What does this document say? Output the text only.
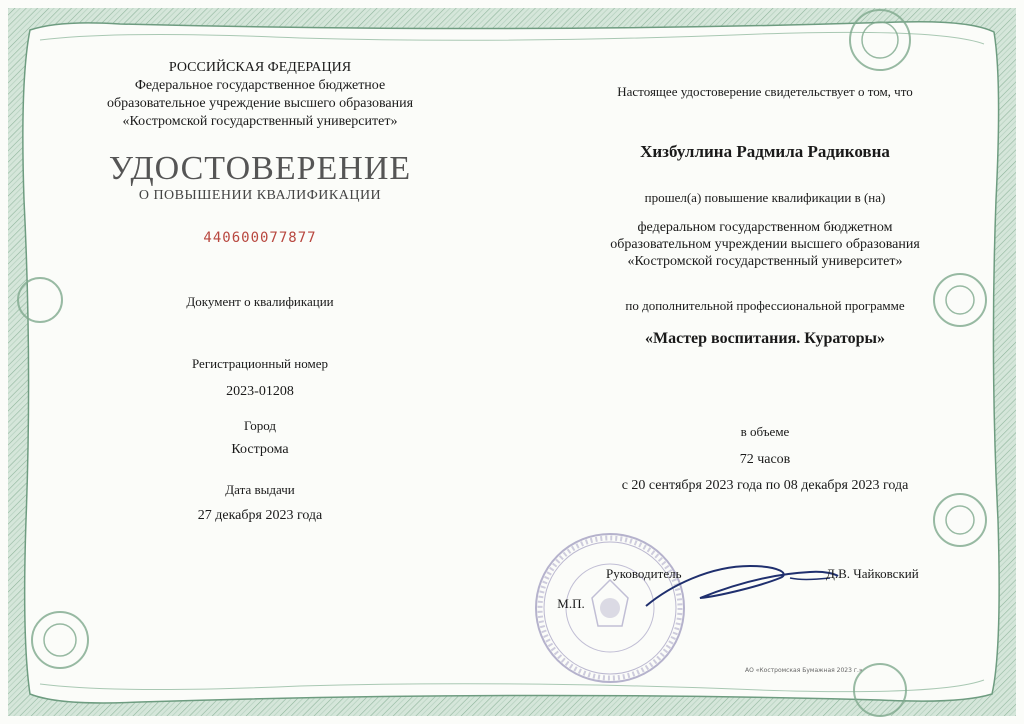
РОССИЙСКАЯ ФЕДЕРАЦИЯ
Федеральное государственное бюджетное
образовательное учреждение высшего образования
«Костромской государственный университет»
УДОСТОВЕРЕНИЕ
О ПОВЫШЕНИИ КВАЛИФИКАЦИИ
440600077877
Документ о квалификации
Регистрационный номер
2023-01208
Город
Кострома
Дата выдачи
27 декабря 2023 года
Настоящее удостоверение свидетельствует о том, что
Хизбуллина Радмила Радиковна
прошел(а) повышение квалификации в (на)
федеральном государственном бюджетном
образовательном учреждении высшего образования
«Костромской государственный университет»
по дополнительной профессиональной программе
«Мастер воспитания. Кураторы»
в объеме
72 часов
с 20 сентября 2023 года по 08 декабря 2023 года
М.П.
Руководитель	Д.В. Чайковский
АО «Костромская Бумажная 2023 г.»
